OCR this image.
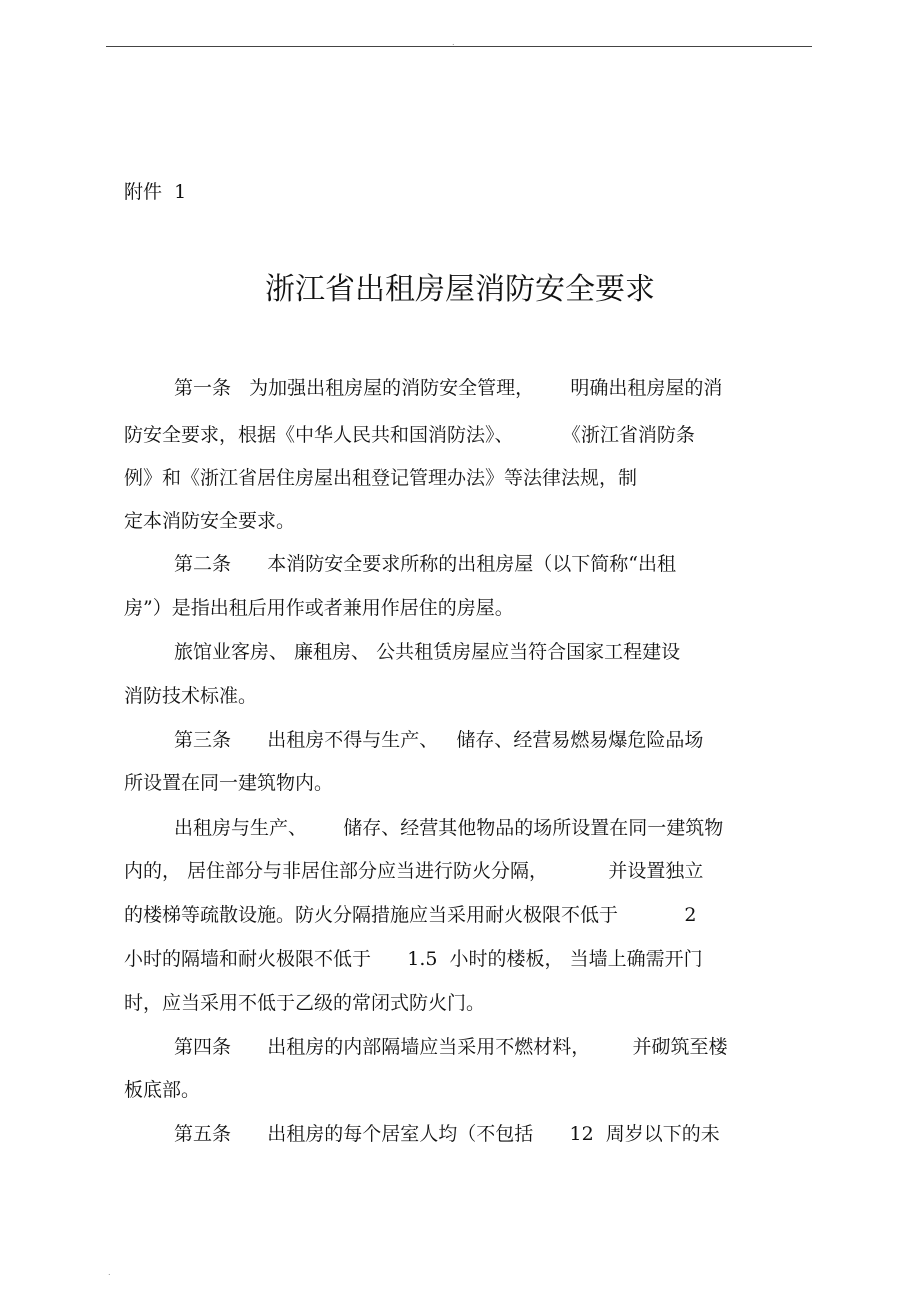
.
附件  1
浙江省出租房屋消防安全要求
第一条   为加强出租房屋的消防安全管理，      明确出租房屋的消
防安全要求，根据《中华人民共和国消防法》、        《浙江省消防条
例》和《浙江省居住房屋出租登记管理办法》等法律法规，制
定本消防安全要求。
第二条      本消防安全要求所称的出租房屋（以下简称“出租
房”）是指出租后用作或者兼用作居住的房屋。
旅馆业客房、 廉租房、 公共租赁房屋应当符合国家工程建设
消防技术标准。
第三条      出租房不得与生产、   储存、经营易燃易爆危险品场
所设置在同一建筑物内。
出租房与生产、      储存、经营其他物品的场所设置在同一建筑物
内的， 居住部分与非居住部分应当进行防火分隔，          并设置独立
的楼梯等疏散设施。防火分隔措施应当采用耐火极限不低于           2
小时的隔墙和耐火极限不低于      1.5  小时的楼板， 当墙上确需开门
时，应当采用不低于乙级的常闭式防火门。
第四条      出租房的内部隔墙应当采用不燃材料，       并砌筑至楼
板底部。
第五条      出租房的每个居室人均（不包括      12  周岁以下的未
.
